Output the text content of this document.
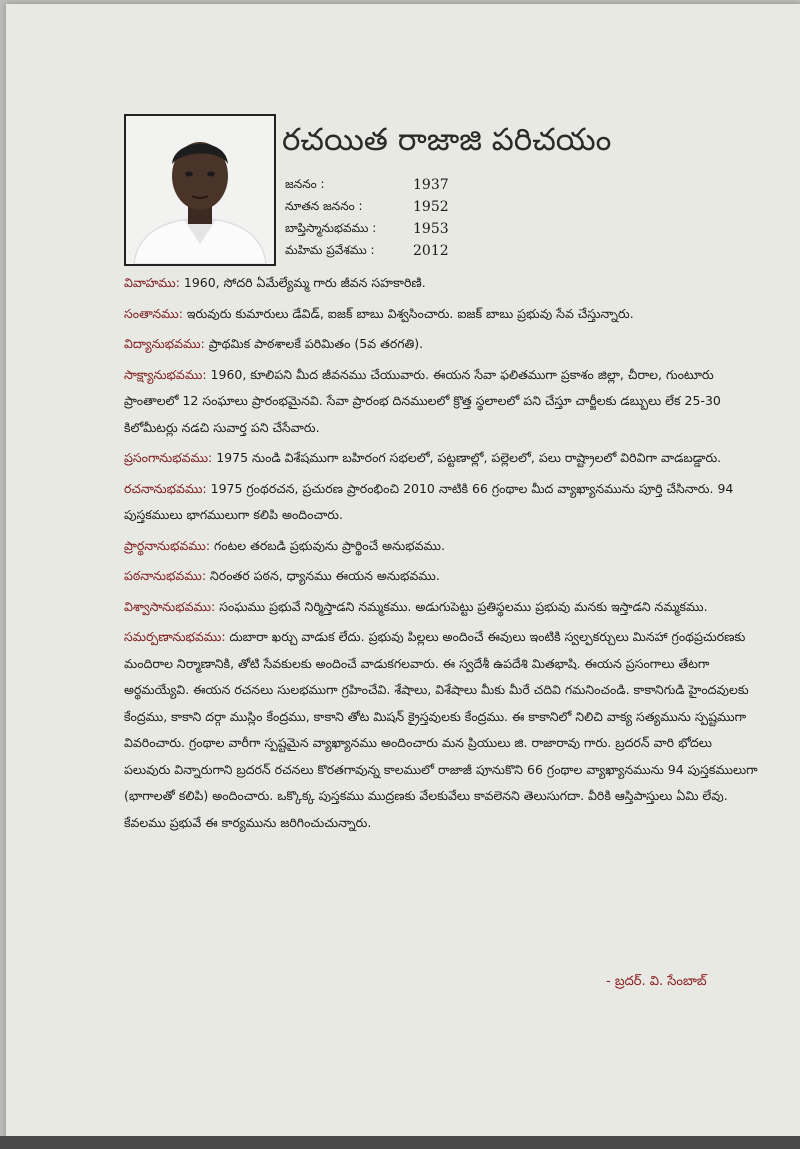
రచయిత రాజాజి పరిచయం
జననం :	1937
నూతన జననం :	1952
బాప్తిస్మానుభవము :	1953
మహిమ ప్రవేశము :	2012

వివాహము: 1960, సోదరి ఏమేల్యేమ్మ గారు జీవన సహకారిణి.

సంతానము: ఇరువురు కుమారులు డేవిడ్, ఐజక్ బాబు విశ్వసించారు. ఐజక్ బాబు ప్రభువు సేవ చేస్తున్నారు.

విద్యానుభవము: ప్రాథమిక పాఠశాలకే పరిమితం (5వ తరగతి).

సాక్ష్యానుభవము: 1960, కూలిపని మీద జీవనము చేయువారు. ఈయన సేవా ఫలితముగా ప్రకాశం జిల్లా, చీరాల, గుంటూరు ప్రాంతాలలో 12 సంఘాలు ప్రారంభమైనవి. సేవా ప్రారంభ దినములలో క్రొత్త స్థలాలలో పని చేస్తూ చార్జీలకు డబ్బులు లేక 25-30 కిలోమీటర్లు నడచి సువార్త పని చేసేవారు.

ప్రసంగానుభవము: 1975 నుండి విశేషముగా బహిరంగ సభలలో, పట్టణాల్లో, పల్లెలలో, పలు రాష్ట్రాలలో విరివిగా వాడబడ్డారు.

రచనానుభవము: 1975 గ్రంథరచన, ప్రచురణ ప్రారంభించి 2010 నాటికి 66 గ్రంథాల మీద వ్యాఖ్యానమును పూర్తి చేసినారు. 94 పుస్తకములు భాగములుగా కలిపి అందించారు.

ప్రార్థనానుభవము: గంటల తరబడి ప్రభువును ప్రార్థించే అనుభవము.

పఠనానుభవము: నిరంతర పఠన, ధ్యానము ఈయన అనుభవము.

విశ్వాసానుభవము: సంఘము ప్రభువే నిర్మిస్తాడని నమ్మకము. అడుగుపెట్టు ప్రతిస్థలము ప్రభువు మనకు ఇస్తాడని నమ్మకము.

సమర్పణానుభవము: దుబారా ఖర్చు వాడుక లేదు. ప్రభువు పిల్లలు అందించే ఈవులు ఇంటికి స్వల్పకర్చులు మినహా గ్రంథప్రచురణకు మందిరాల నిర్మాణానికి, తోటి సేవకులకు అందించే వాడుకగలవారు. ఈ స్వదేశీ ఉపదేశి మితభాషి. ఈయన ప్రసంగాలు తేటగా అర్థమయ్యేవి. ఈయన రచనలు సులభముగా గ్రహించేవి. శేషాలు, విశేషాలు మీకు మీరే చదివి గమనించండి. కాకానిగుడి హైందవులకు కేంద్రము, కాకాని దర్గా ముస్లిం కేంద్రము, కాకాని తోట మిషన్ క్రైస్తవులకు కేంద్రము. ఈ కాకానిలో నిలిచి వాక్య సత్యమును స్పష్టముగా వివరించారు. గ్రంథాల వారీగా స్పష్టమైన వ్యాఖ్యానము అందించారు మన ప్రియులు జి. రాజారావు గారు. బ్రదరన్ వారి భోదలు పలువురు విన్నారుగాని బ్రదరన్ రచనలు కొరతగావున్న కాలములో రాజాజీ పూనుకొని 66 గ్రంథాల వ్యాఖ్యానమును 94 పుస్తకములుగా (భాగాలతో కలిపి) అందించారు. ఒక్కొక్క పుస్తకము ముద్రణకు వేలకువేలు కావలెనని తెలుసుగదా. వీరికి ఆస్తిపాస్తులు ఏమి లేవు. కేవలము ప్రభువే ఈ కార్యమును జరిగించుచున్నారు.

- బ్రదర్. వి. సేంబాబ్
